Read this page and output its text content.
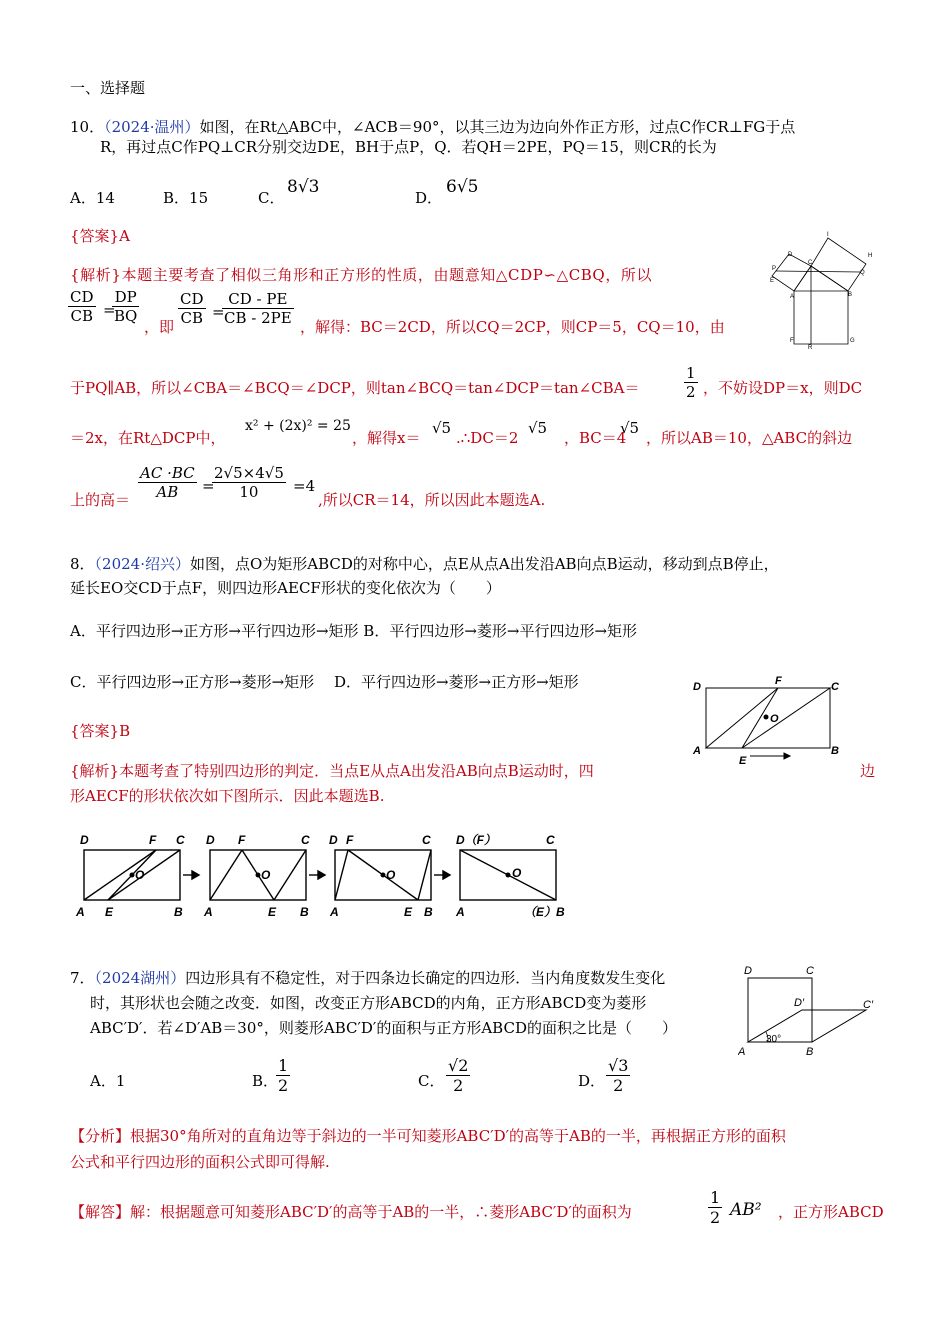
一、选择题
10．（2024·温州）如图，在Rt△ABC中，∠ACB＝90°，以其三边为边向外作正方形，过点C作CR⊥FG于点
R，再过点C作PQ⊥CR分别交边DE，BH于点P，Q．若QH＝2PE，PQ＝15，则CR的长为
A．14	B．15	C．
8√3
D．
6√5
{答案}A
{解析}本题主要考查了相似三角形和正方形的性质，由题意知△CDP∽△CBQ，所以
CD
CB =
DP
BQ
，即
CD
CB =
CD - PE
CB - 2PE ，解得：BC＝2CD，所以CQ＝2CP，则CP＝5，CQ＝10，由
于PQ∥AB，所以∠CBA＝∠BCQ＝∠DCP，则tan∠BCQ＝tan∠DCP＝tan∠CBA＝
1
2 ，不妨设DP＝x，则DC
＝2x，在Rt△DCP中，
x² + (2x)² = 25
，解得x＝
√5
.∴DC＝2
√5
，BC＝4
√5
，所以AB＝10，△ABC的斜边
上的高＝
AC ·BC
AB	=
2√5×4√5
10	=4
,所以CR＝14，所以因此本题选A.
D
E
P
C
A	B
I
H
Q
F
R
G
8．（2024·绍兴）如图，点O为矩形ABCD的对称中心，点E从点A出发沿AB向点B运动，移动到点B停止，
延长EO交CD于点F，则四边形AECF形状的变化依次为（　　）
A．平行四边形→正方形→平行四边形→矩形 B．平行四边形→菱形→平行四边形→矩形
C．平行四边形→正方形→菱形→矩形　 D．平行四边形→菱形→正方形→矩形
{答案}B
{解析}本题考查了特别四边形的判定．当点E从点A出发沿AB向点B运动时，四	边
形AECF的形状依次如下图所示．因此本题选B.
D	F	C
O
A
E
B
D	F C
O
A E	B
D F	C
O
A	E B
D F	C
O
A	E B
D（F）	C
O
A	（E）B
7．（2024湖州）四边形具有不稳定性，对于四条边长确定的四边形．当内角度数发生变化
时，其形状也会随之改变．如图，改变正方形ABCD的内角，正方形ABCD变为菱形
ABC′D′．若∠D′AB＝30°，则菱形ABC′D′的面积与正方形ABCD的面积之比是（　　）
A．1	B．
1
2	C．
√2
2	D．
√3
2
【分析】根据30°角所对的直角边等于斜边的一半可知菱形ABC′D′的高等于AB的一半，再根据正方形的面积
公式和平行四边形的面积公式即可得解.
【解答】解：根据题意可知菱形ABC′D′的高等于AB的一半，∴菱形ABC′D′的面积为
1
2 AB² ，正方形ABCD
D	C
D′	C′
A	B
30°
